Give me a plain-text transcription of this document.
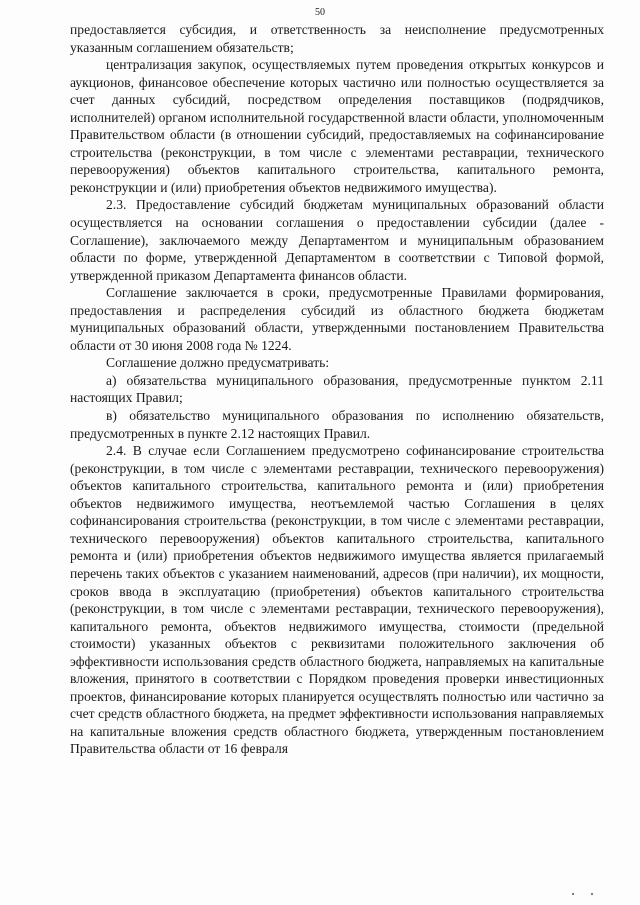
50

предоставляется субсидия, и ответственность за неисполнение предусмотренных указанным соглашением обязательств;

централизация закупок, осуществляемых путем проведения открытых конкурсов и аукционов, финансовое обеспечение которых частично или полностью осуществляется за счет данных субсидий, посредством определения поставщиков (подрядчиков, исполнителей) органом исполнительной государственной власти области, уполномоченным Правительством области (в отношении субсидий, предоставляемых на софинансирование строительства (реконструкции, в том числе с элементами реставрации, технического перевооружения) объектов капитального строительства, капитального ремонта, реконструкции и (или) приобретения объектов недвижимого имущества).

2.3. Предоставление субсидий бюджетам муниципальных образований области осуществляется на основании соглашения о предоставлении субсидии (далее - Соглашение), заключаемого между Департаментом и муниципальным образованием области по форме, утвержденной Департаментом в соответствии с Типовой формой, утвержденной приказом Департамента финансов области.

Соглашение заключается в сроки, предусмотренные Правилами формирования, предоставления и распределения субсидий из областного бюджета бюджетам муниципальных образований области, утвержденными постановлением Правительства области от 30 июня 2008 года № 1224.

Соглашение должно предусматривать:

а) обязательства муниципального образования, предусмотренные пунктом 2.11 настоящих Правил;

в) обязательство муниципального образования по исполнению обязательств, предусмотренных в пункте 2.12 настоящих Правил.

2.4. В случае если Соглашением предусмотрено софинансирование строительства (реконструкции, в том числе с элементами реставрации, технического перевооружения) объектов капитального строительства, капитального ремонта и (или) приобретения объектов недвижимого имущества, неотъемлемой частью Соглашения в целях софинансирования строительства (реконструкции, в том числе с элементами реставрации, технического перевооружения) объектов капитального строительства, капитального ремонта и (или) приобретения объектов недвижимого имущества является прилагаемый перечень таких объектов с указанием наименований, адресов (при наличии), их мощности, сроков ввода в эксплуатацию (приобретения) объектов капитального строительства (реконструкции, в том числе с элементами реставрации, технического перевооружения), капитального ремонта, объектов недвижимого имущества, стоимости (предельной стоимости) указанных объектов с реквизитами положительного заключения об эффективности использования средств областного бюджета, направляемых на капитальные вложения, принятого в соответствии с Порядком проведения проверки инвестиционных проектов, финансирование которых планируется осуществлять полностью или частично за счет средств областного бюджета, на предмет эффективности использования направляемых на капитальные вложения средств областного бюджета, утвержденным постановлением Правительства области от 16 февраля
